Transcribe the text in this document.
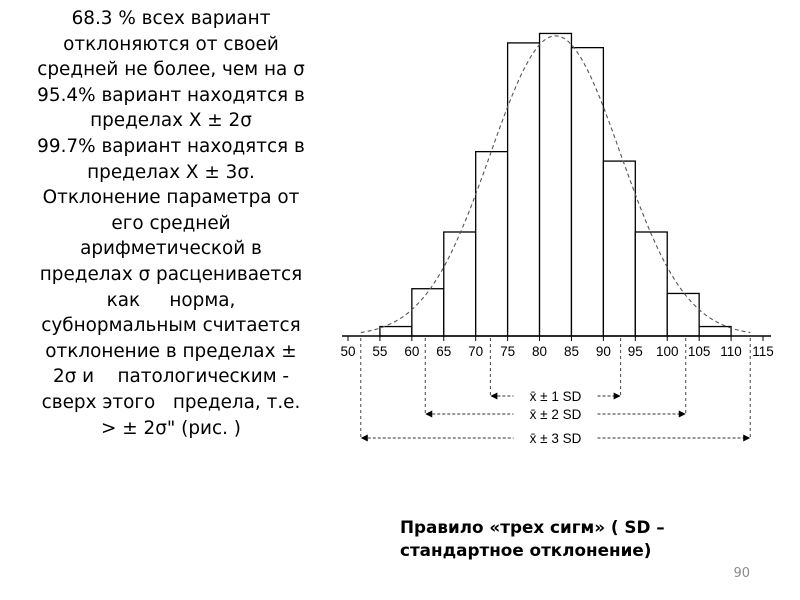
68.3 % всех вариант
отклоняются от своей
средней не более, чем на σ
95.4% вариант находятся в
пределах X ± 2σ
99.7% вариант находятся в
пределах X ± 3σ.
Отклонение параметра от
его средней
арифметической в
пределах σ расценивается
как     норма,
субнормальным считается
отклонение в пределах ±
2σ и    патологическим -
сверх этого   предела, т.е.
> ± 2σ" (рис. )
50 55 60 65 70 75 80 85 90 95 100 105 110 115
x̄ ± 1 SD
x̄ ± 2 SD
x̄ ± 3 SD
Правило «трех сигм» ( SD –
стандартное отклонение)
90
